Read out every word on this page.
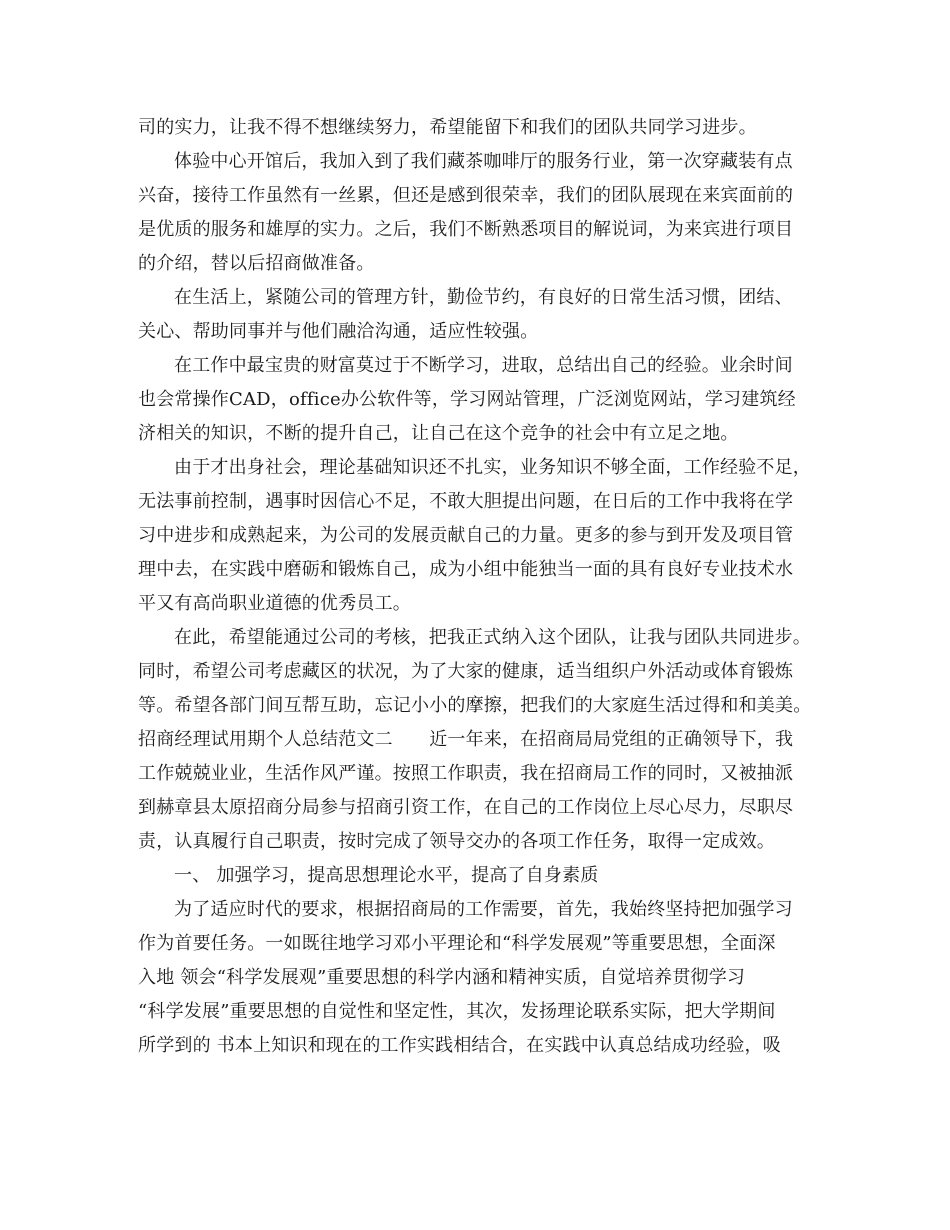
司的实力，让我不得不想继续努力，希望能留下和我们的团队共同学习进步。
体验中心开馆后，我加入到了我们藏茶咖啡厅的服务行业，第一次穿藏装有点
兴奋，接待工作虽然有一丝累，但还是感到很荣幸，我们的团队展现在来宾面前的
是优质的服务和雄厚的实力。之后，我们不断熟悉项目的解说词，为来宾进行项目
的介绍，替以后招商做准备。
在生活上，紧随公司的管理方针，勤俭节约，有良好的日常生活习惯，团结、
关心、帮助同事并与他们融洽沟通，适应性较强。
在工作中最宝贵的财富莫过于不断学习，进取，总结出自己的经验。业余时间
也会常操作CAD，office办公软件等，学习网站管理，广泛浏览网站，学习建筑经
济相关的知识，不断的提升自己，让自己在这个竞争的社会中有立足之地。
由于才出身社会，理论基础知识还不扎实，业务知识不够全面，工作经验不足，
无法事前控制，遇事时因信心不足，不敢大胆提出问题，在日后的工作中我将在学
习中进步和成熟起来，为公司的发展贡献自己的力量。更多的参与到开发及项目管
理中去，在实践中磨砺和锻炼自己，成为小组中能独当一面的具有良好专业技术水
平又有高尚职业道德的优秀员工。
在此，希望能通过公司的考核，把我正式纳入这个团队，让我与团队共同进步。
同时，希望公司考虑藏区的状况，为了大家的健康，适当组织户外活动或体育锻炼
等。希望各部门间互帮互助，忘记小小的摩擦，把我们的大家庭生活过得和和美美。
招商经理试用期个人总结范文二　　近一年来，在招商局局党组的正确领导下，我
工作兢兢业业，生活作风严谨。按照工作职责，我在招商局工作的同时，又被抽派
到赫章县太原招商分局参与招商引资工作，在自己的工作岗位上尽心尽力，尽职尽
责，认真履行自己职责，按时完成了领导交办的各项工作任务，取得一定成效。
一、 加强学习，提高思想理论水平，提高了自身素质
为了适应时代的要求，根据招商局的工作需要，首先，我始终坚持把加强学习
作为首要任务。一如既往地学习邓小平理论和“科学发展观”等重要思想，全面深
入地 领会“科学发展观”重要思想的科学内涵和精神实质，自觉培养贯彻学习
“科学发展”重要思想的自觉性和坚定性，其次，发扬理论联系实际，把大学期间
所学到的 书本上知识和现在的工作实践相结合，在实践中认真总结成功经验，吸
